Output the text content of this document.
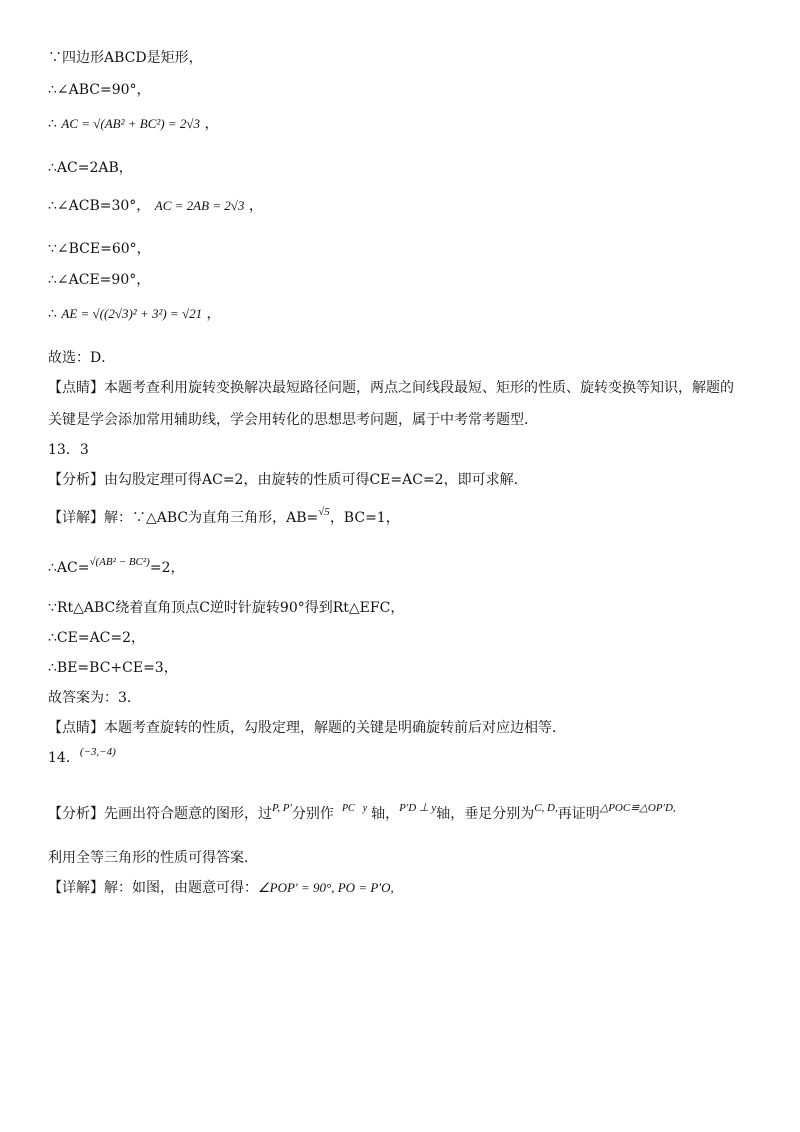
∵四边形ABCD是矩形，
∴∠ABC=90°，
∴ AC = √(AB² + BC²) = 2√3 ，
∴AC=2AB，
∴∠ACB=30°， AC = 2AB = 2√3 ，
∵∠BCE=60°，
∴∠ACE=90°，
∴ AE = √((2√3)² + 3²) = √21 ，
故选：D．
【点睛】本题考查利用旋转变换解决最短路径问题，两点之间线段最短、矩形的性质、旋转变换等知识，解题的
关键是学会添加常用辅助线，学会用转化的思想思考问题，属于中考常考题型．
13．3
【分析】由勾股定理可得AC=2，由旋转的性质可得CE=AC=2，即可求解．
【详解】解：∵△ABC为直角三角形，AB=$^{√5}$，BC=1，
∴AC=$^{√(AB^2 - BC^2)}$=2，
∵Rt△ABC绕着直角顶点C逆时针旋转90°得到Rt△EFC，
∴CE=AC=2，
∴BE=BC+CE=3，
故答案为：3．
【点睛】本题考查旋转的性质，勾股定理，解题的关键是明确旋转前后对应边相等．
14．$^{(-3,-4)}$
【分析】先画出符合题意的图形，过$^{P, P'}$分别作 $^{PC}$ $^y$ 轴，$^{P'D \perp y}$轴，垂足分别为$^{C, D,}$再证明$^{\triangle POC≌\triangle OP'D,}$
利用全等三角形的性质可得答案．
【详解】解：如图，由题意可得：∠POP′ = 90°, PO = P′O,
